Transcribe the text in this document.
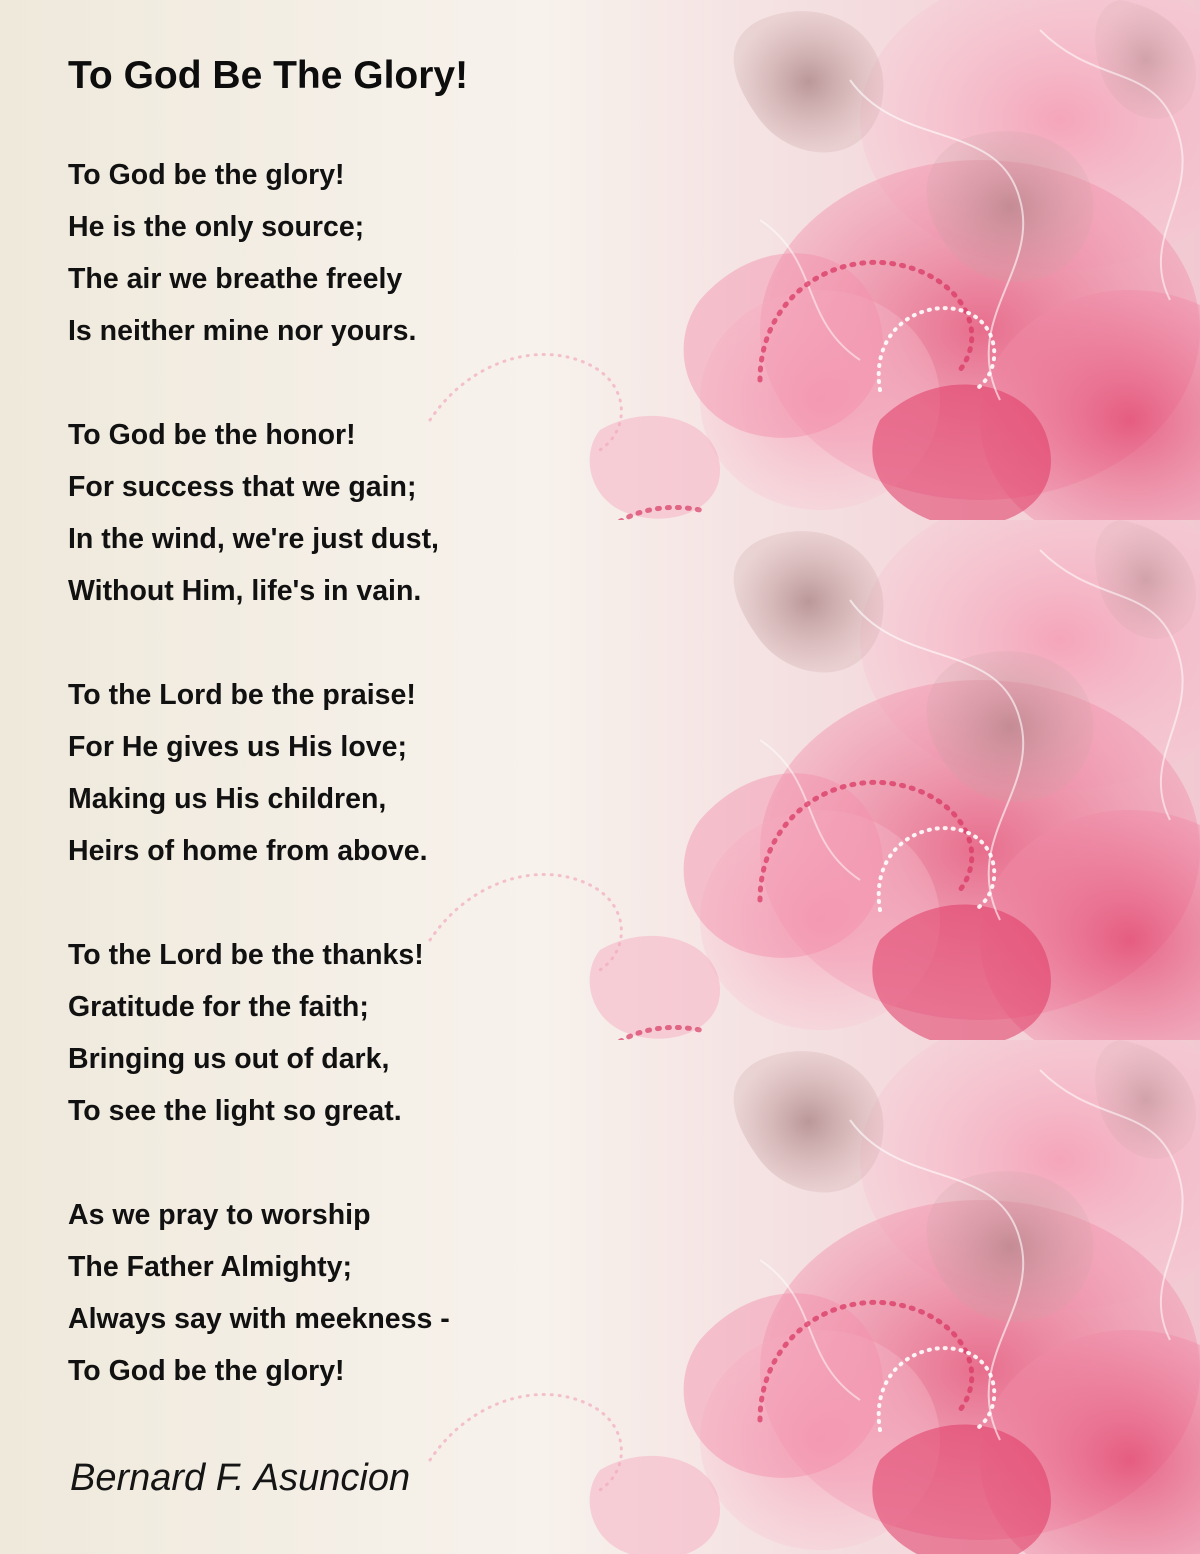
To God Be The Glory!
To God be the glory!
He is the only source;
The air we breathe freely
Is neither mine nor yours.
To God be the honor!
For success that we gain;
In the wind, we're just dust,
Without Him, life's in vain.
To the Lord be the praise!
For He gives us His love;
Making us His children,
Heirs of home from above.
To the Lord be the thanks!
Gratitude for the faith;
Bringing us out of dark,
To see the light so great.
As we pray to worship
The Father Almighty;
Always say with meekness -
To God be the glory!

Bernard F. Asuncion
